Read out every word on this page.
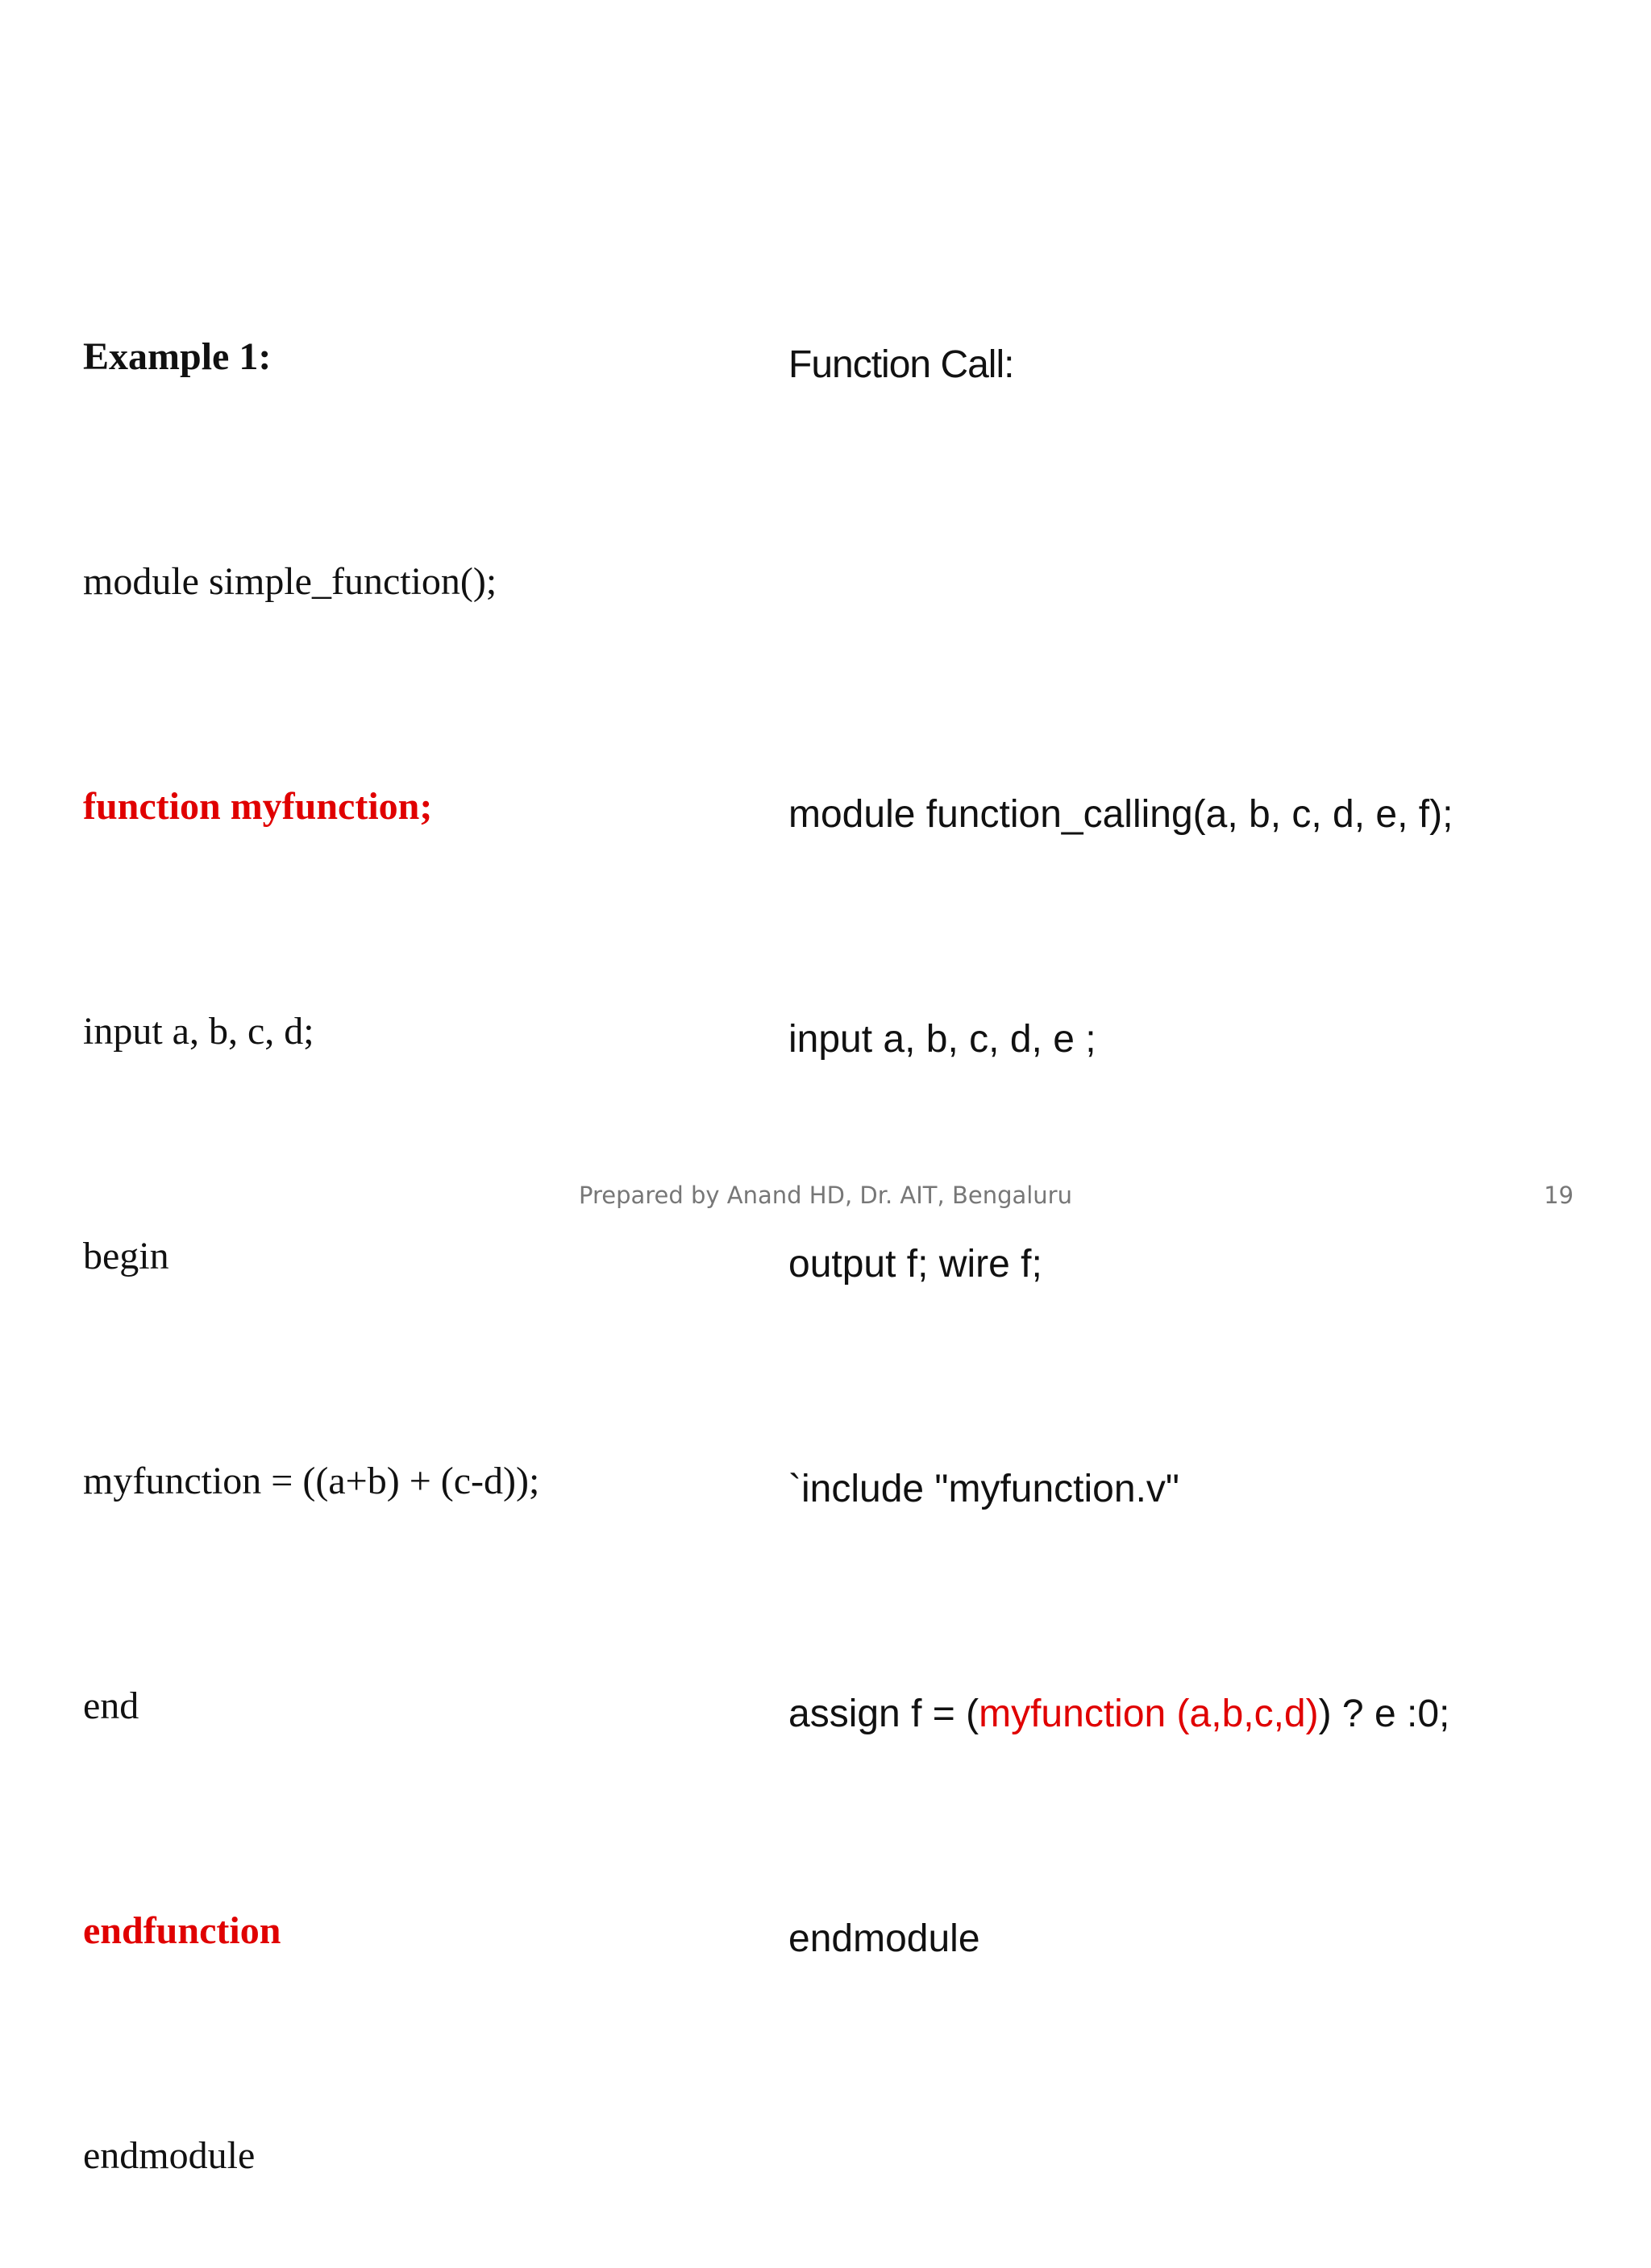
Example 1:

module simple_function();

function myfunction;

input a, b, c, d;

begin

myfunction = ((a+b) + (c-d));

end

endfunction

endmodule

Function Call:

module function_calling(a, b, c, d, e, f);

input a, b, c, d, e ;

output f; wire f;

`include "myfunction.v"

assign f = (myfunction (a,b,c,d)) ? e :0;

endmodule

Prepared by Anand HD, Dr. AIT, Bengaluru	19
